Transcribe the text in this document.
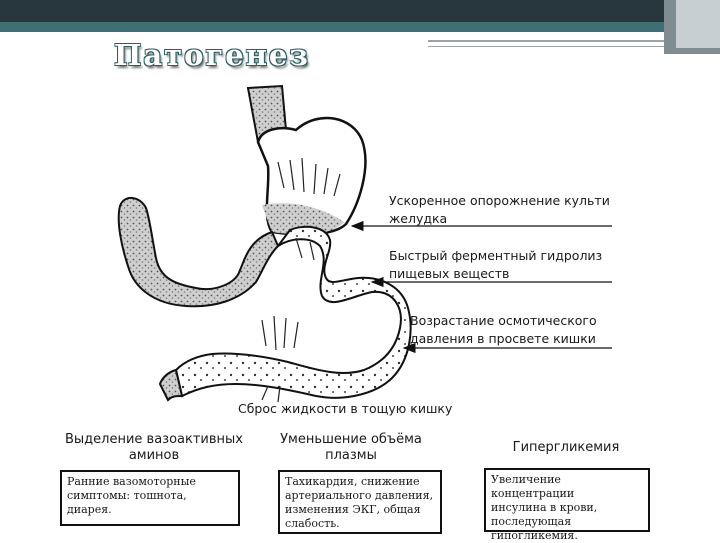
Патогенез
Ускоренное опорожнение культи
желудка
Быстрый ферментный гидролиз
пищевых веществ
Возрастание осмотического
давления в просвете кишки
Сброс жидкости в тощую кишку
Выделение вазоактивных
аминов
Уменьшение объёма
плазмы
Гипергликемия
Ранние вазомоторные
симптомы: тошнота, диарея.
Тахикардия, снижение
артериального давления,
изменения ЭКГ, общая
слабость.
Увеличение концентрации
инсулина в крови,
последующая
гипогликемия.
